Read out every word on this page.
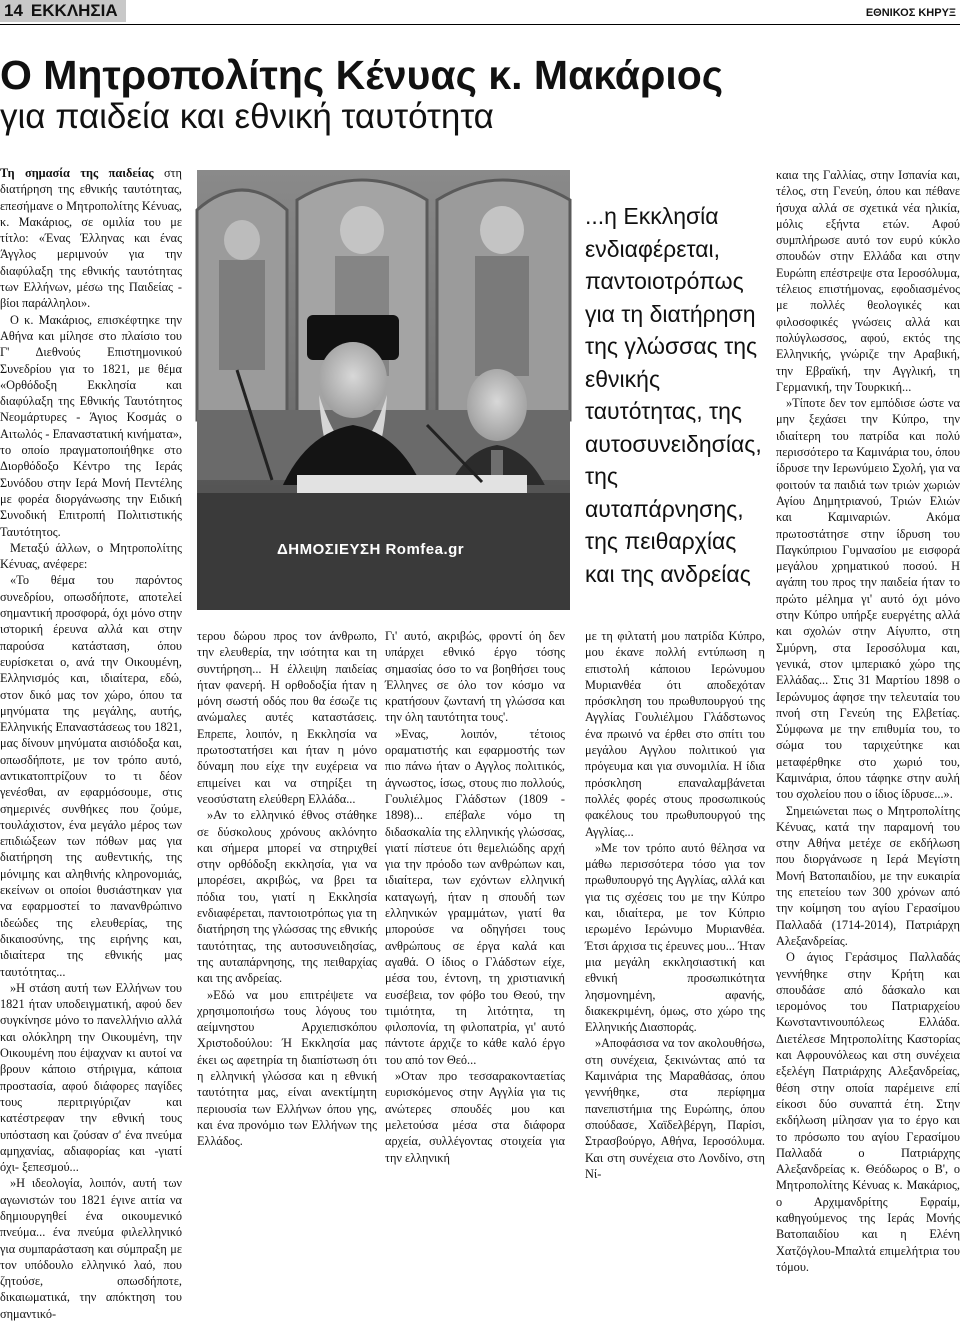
14 ΕΚΚΛΗΣΙΑ	ΕΘΝΙΚΟΣ ΚΗΡΥΞ
Ο Μητροπολίτης Κένυας κ. Μακάριος
για παιδεία και εθνική ταυτότητα

Τη σημασία της παιδείας στη διατήρηση της εθνικής ταυτότητας, επεσήμανε ο Μητροπολίτης Κένυας, κ. Μακάριος, σε ομιλία του με τίτλο: «Ένας Έλληνας και ένας Άγγλος μεριμνούν για την διαφύλαξη της εθνικής ταυτότητας των Ελλήνων, μέσω της Παιδείας - βίοι παράλληλοι».

Ο κ. Μακάριος, επισκέφτηκε την Αθήνα και μίλησε στο πλαίσιο του Γ' Διεθνούς Επιστημονικού Συνεδρίου για το 1821, με θέμα «Ορθόδοξη Εκκλησία και διαφύλαξη της Εθνικής Ταυτότητος Νεομάρτυρες - Άγιος Κοσμάς ο Αιτωλός - Επαναστατική κινήματα», το οποίο πραγματοποιήθηκε στο Διορθόδοξο Κέντρο της Ιεράς Συνόδου στην Ιερά Μονή Πεντέλης με φορέα διοργάνωσης την Ειδική Συνοδική Επιτροπή Πολιτιστικής Ταυτότητος.

Μεταξύ άλλων, ο Μητροπολίτης Κένυας, ανέφερε:

«Το θέμα του παρόντος συνεδρίου, οπωσδήποτε, αποτελεί σημαντική προσφορά, όχι μόνο στην ιστορική έρευνα αλλά και στην παρούσα κατάσταση, όπου ευρίσκεται ο, ανά την Οικουμένη, Ελληνισμός και, ιδιαίτερα, εδώ, στον δικό μας τον χώρο, όπου τα μηνύματα της μεγάλης, αυτής, Ελληνικής Επαναστάσεως του 1821, μας δίνουν μηνύματα αισιόδοξα και, οπωσδήποτε, με τον τρόπο αυτό, αντικατοπτρίζουν το τι δέον γενέσθαι, αν εφαρμόσουμε, στις σημερινές συνθήκες που ζούμε, τουλάχιστον, ένα μεγάλο μέρος των επιδιώξεων των πόθων μας για διατήρηση της αυθεντικής, της μόνιμης και αληθινής κληρονομιάς, εκείνων οι οποίοι θυσιάστηκαν για να εφαρμοστεί το πανανθρώπινο ιδεώδες της ελευθερίας, της δικαιοσύνης, της ειρήνης και, ιδιαίτερα της εθνικής μας ταυτότητας...

»Η στάση αυτή των Ελλήνων του 1821 ήταν υποδειγματική, αφού δεν συγκίνησε μόνο το πανελλήνιο αλλά και ολόκληρη την Οικουμένη, την Οικουμένη που έψαχναν κι αυτοί να βρουν κάποιο στήριγμα, κάποια προστασία, αφού διάφορες παγίδες τους περιτριγύριζαν και κατέστρεφαν την εθνική τους υπόσταση και ζούσαν σ' ένα πνεύμα αμηχανίας, αδιαφορίας και -γιατί όχι- ξεπεσμού...

»Η ιδεολογία, λοιπόν, αυτή των αγωνιστών του 1821 έγινε αιτία να δημιουργηθεί ένα οικουμενικό πνεύμα... ένα πνεύμα φιλελληνικό για συμπαράσταση και σύμπραξη με τον υπόδουλο ελληνικό λαό, που ζητούσε, οπωσδήποτε, δικαιωματικά, την απόκτηση του σημαντικό-

ΔΗΜΟΣΙΕΥΣΗ Romfea.gr
...η Εκκλησία
ενδιαφέρεται,
παντοιοτρόπως
για τη διατήρηση
της γλώσσας της
εθνικής
ταυτότητας, της
αυτοσυνειδησίας,
της
αυταπάρνησης,
της πειθαρχίας
και της ανδρείας

τερου δώρου προς τον άνθρωπο, την ελευθερία, την ισότητα και τη συντήρηση... Η έλλειψη παιδείας ήταν φανερή. Η ορθοδοξία ήταν η μόνη σωστή οδός που θα έσωζε τις ανώμαλες αυτές καταστάσεις. Επρεπε, λοιπόν, η Εκκλησία να πρωτοστατήσει και ήταν η μόνο δύναμη που είχε την ευχέρεια να επιμείνει και να στηρίξει τη νεοσύστατη ελεύθερη Ελλάδα...

»Αν το ελληνικό έθνος στάθηκε σε δύσκολους χρόνους ακλόνητο και σήμερα μπορεί να στηριχθεί στην ορθόδοξη εκκλησία, για να μπορέσει, ακριβώς, να βρει τα πόδια του, γιατί η Εκκλησία ενδιαφέρεται, παντοιοτρόπως για τη διατήρηση της γλώσσας της εθνικής ταυτότητας, της αυτοσυνειδησίας, της αυταπάρνησης, της πειθαρχίας και της ανδρείας.

»Εδώ να μου επιτρέψετε να χρησιμοποιήσω τους λόγους του αείμνηστου Αρχιεπισκόπου Χριστοδούλου: Ή Εκκλησία μας έκει ως αφετηρία τη διαπίστωση ότι η ελληνική γλώσσα και η εθνική ταυτότητα μας, είναι ανεκτίμητη περιουσία των Ελλήνων όπου γης, και ένα προνόμιο των Ελλήνων της Ελλάδος.

Γι' αυτό, ακριβώς, φροντί όη δεν υπάρχει εθνικό έργο τόσης σημασίας όσο το να βοηθήσει τους Έλληνες σε όλο τον κόσμο να κρατήσουν ζωντανή τη γλώσσα και την όλη ταυτότητα τους'.

»Ενας, λοιπόν, τέτοιος οραματιστής και εφαρμοστής των πιο πάνω ήταν ο Αγγλος πολιτικός, άγνωστος, ίσως, στους πιο πολλούς, Γουλιέλμος Γλάδστων (1809 - 1898)... επέβαλε νόμο τη διδασκαλία της ελληνικής γλώσσας, γιατί πίστευε ότι θεμελιώδης αρχή για την πρόοδο των ανθρώπων και, ιδιαίτερα, των εχόντων ελληνική καταγωγή, ήταν η σπουδή των ελληνικών γραμμάτων, γιατί θα μπορούσε να οδηγήσει τους ανθρώπους σε έργα καλά και αγαθά. Ο ίδιος ο Γλάδστων είχε, μέσα του, έντονη, τη χριστιανική ευσέβεια, τον φόβο του Θεού, την τιμιότητα, τη λιτότητα, τη φιλοπονία, τη φιλοπατρία, γι' αυτό πάντοτε άρχιζε το κάθε καλό έργο του από τον Θεό...

»Οταν προ τεσσαρακονταετίας ευρισκόμενος στην Αγγλία για τις ανώτερες σπουδές μου και μελετούσα μέσα στα διάφορα αρχεία, συλλέγοντας στοιχεία για την ελληνική

με τη φιλτατή μου πατρίδα Κύπρο, μου έκανε πολλή εντύπωση η επιστολή κάποιου Ιερώνυμου Μυριανθέα ότι αποδεχόταν πρόσκληση του πρωθυπουργού της Αγγλίας Γουλιέλμου Γλάδστωνος ένα πρωινό να έρθει στο σπίτι του μεγάλου Αγγλου πολιτικού για πρόγευμα και για συνομιλία. Η ίδια πρόσκληση επαναλαμβάνεται πολλές φορές στους προσωπικούς φακέλους του πρωθυπουργού της Αγγλίας...

»Με τον τρόπο αυτό θέλησα να μάθω περισσότερα τόσο για τον πρωθυπουργό της Αγγλίας, αλλά και για τις σχέσεις του με την Κύπρο και, ιδιαίτερα, με τον Κύπριο ιερωμένο Ιερώνυμο Μυριανθέα. Έτσι άρχισα τις έρευνες μου... Ήταν μια μεγάλη εκκλησιαστική και εθνική προσωπικότητα λησμονημένη, αφανής, διακεκριμένη, όμως, στο χώρο της Ελληνικής Διασποράς.

»Αποφάσισα να τον ακολουθήσω, στη συνέχεια, ξεκινώντας από τα Καμινάρια της Μαραθάσας, όπου γεννήθηκε, στα περίφημα πανεπιστήμια της Ευρώπης, όπου σπούδασε, Χαϊδελβέργη, Παρίσι, Στρασβούργο, Αθήνα, Ιεροσόλυμα. Και στη συνέχεια στο Λονδίνο, στη Νί-

καια της Γαλλίας, στην Ισπανία και, τέλος, στη Γενεύη, όπου και πέθανε ήσυχα αλλά σε σχετικά νέα ηλικία, μόλις εξήντα ετών. Αφού συμπλήρωσε αυτό τον ευρύ κύκλο σπουδών στην Ελλάδα και στην Ευρώπη επέστρεψε στα Ιεροσόλυμα, τέλειος επιστήμονας, εφοδιασμένος με πολλές θεολογικές και φιλοσοφικές γνώσεις αλλά και πολύγλωσσος, αφού, εκτός της Ελληνικής, γνώριζε την Αραβική, την Εβραϊκή, την Αγγλική, τη Γερμανική, την Τουρκική...

»Τίποτε δεν τον εμπόδισε ώστε να μην ξεχάσει την Κύπρο, την ιδιαίτερη του πατρίδα και πολύ περισσότερο τα Καμινάρια του, όπου ίδρυσε την Ιερωνύμειο Σχολή, για να φοιτούν τα παιδιά των τριών χωριών Αγίου Δημητριανού, Τριών Ελιών και Καμιναριών. Ακόμα πρωτοστάτησε στην ίδρυση του Παγκύπριου Γυμνασίου με εισφορά μεγάλου χρηματικού ποσού. Η αγάπη του προς την παιδεία ήταν το πρώτο μέλημα γι' αυτό όχι μόνο στην Κύπρο υπήρξε ευεργέτης αλλά και σχολών στην Αίγυπτο, στη Σμύρνη, στα Ιεροσόλυμα και, γενικά, στον ιμπεριακό χώρο της Ελλάδας... Στις 31 Μαρτίου 1898 ο Ιερώνυμος άφησε την τελευταία του πνοή στη Γενεύη της Ελβετίας. Σύμφωνα με την επιθυμία του, το σώμα του ταριχεύτηκε και μεταφέρθηκε στο χωριό του, Καμινάρια, όπου τάφηκε στην αυλή του σχολείου που ο ίδιος ίδρυσε...».

Σημειώνεται πως ο Μητροπολίτης Κένυας, κατά την παραμονή του στην Αθήνα μετέχε σε εκδήλωση που διοργάνωσε η Ιερά Μεγίστη Μονή Βατοπαιδίου, με την ευκαιρία της επετείου των 300 χρόνων από την κοίμηση του αγίου Γερασίμου Παλλαδά (1714-2014), Πατριάρχη Αλεξανδρείας.

Ο άγιος Γεράσιμος Παλλαδάς γεννήθηκε στην Κρήτη και σπουδάσε από δάσκαλο και ιερομόνος του Πατριαρχείου Κωνσταντινουπόλεως Ελλάδα. Διετέλεσε Μητροπολίτης Καστορίας και Αφρουνόλεως και στη συνέχεια εξελέγη Πατριάρχης Αλεξανδρείας, θέση στην οποία παρέμεινε επί είκοσι δύο συναπτά έτη. Στην εκδήλωση μίλησαν για το έργο και το πρόσωπο του αγίου Γερασίμου Παλλαδά ο Πατριάρχης Αλεξανδρείας κ. Θεόδωρος ο Β', ο Μητροπολίτης Κένυας κ. Μακάριος, ο Αρχιμανδρίτης Εφραίμ, καθηγούμενος της Ιεράς Μονής Βατοπαιδίου και η Ελένη Χατζόγλου-Μπαλτά επιμελήτρια του τόμου.
